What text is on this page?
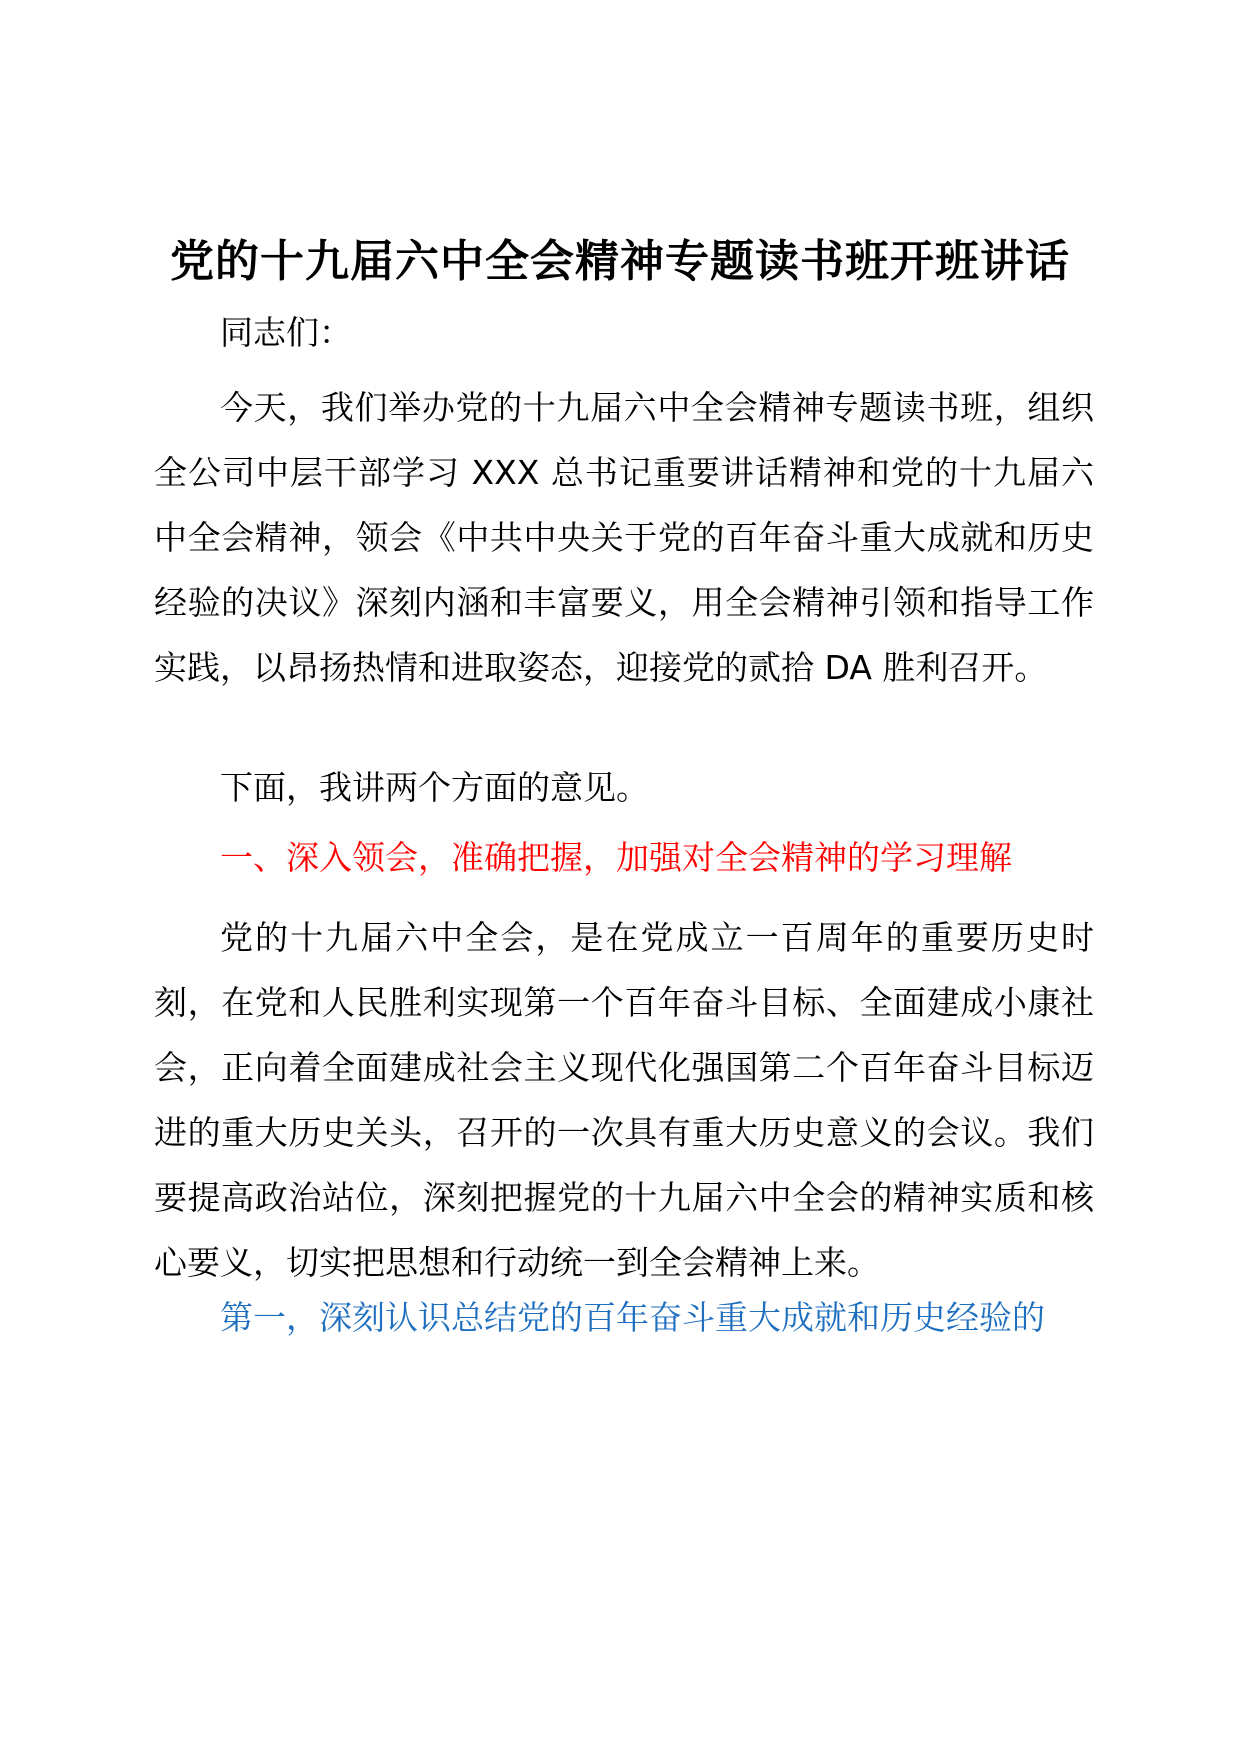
党的十九届六中全会精神专题读书班开班讲话

同志们：

今天，我们举办党的十九届六中全会精神专题读书班，组织全公司中层干部学习 XXX 总书记重要讲话精神和党的十九届六中全会精神，领会《中共中央关于党的百年奋斗重大成就和历史经验的决议》深刻内涵和丰富要义，用全会精神引领和指导工作实践，以昂扬热情和进取姿态，迎接党的贰拾 DA 胜利召开。

下面，我讲两个方面的意见。

一、深入领会，准确把握，加强对全会精神的学习理解

党的十九届六中全会，是在党成立一百周年的重要历史时刻，在党和人民胜利实现第一个百年奋斗目标、全面建成小康社会，正向着全面建成社会主义现代化强国第二个百年奋斗目标迈进的重大历史关头，召开的一次具有重大历史意义的会议。我们要提高政治站位，深刻把握党的十九届六中全会的精神实质和核心要义，切实把思想和行动统一到全会精神上来。

第一，深刻认识总结党的百年奋斗重大成就和历史经验的
